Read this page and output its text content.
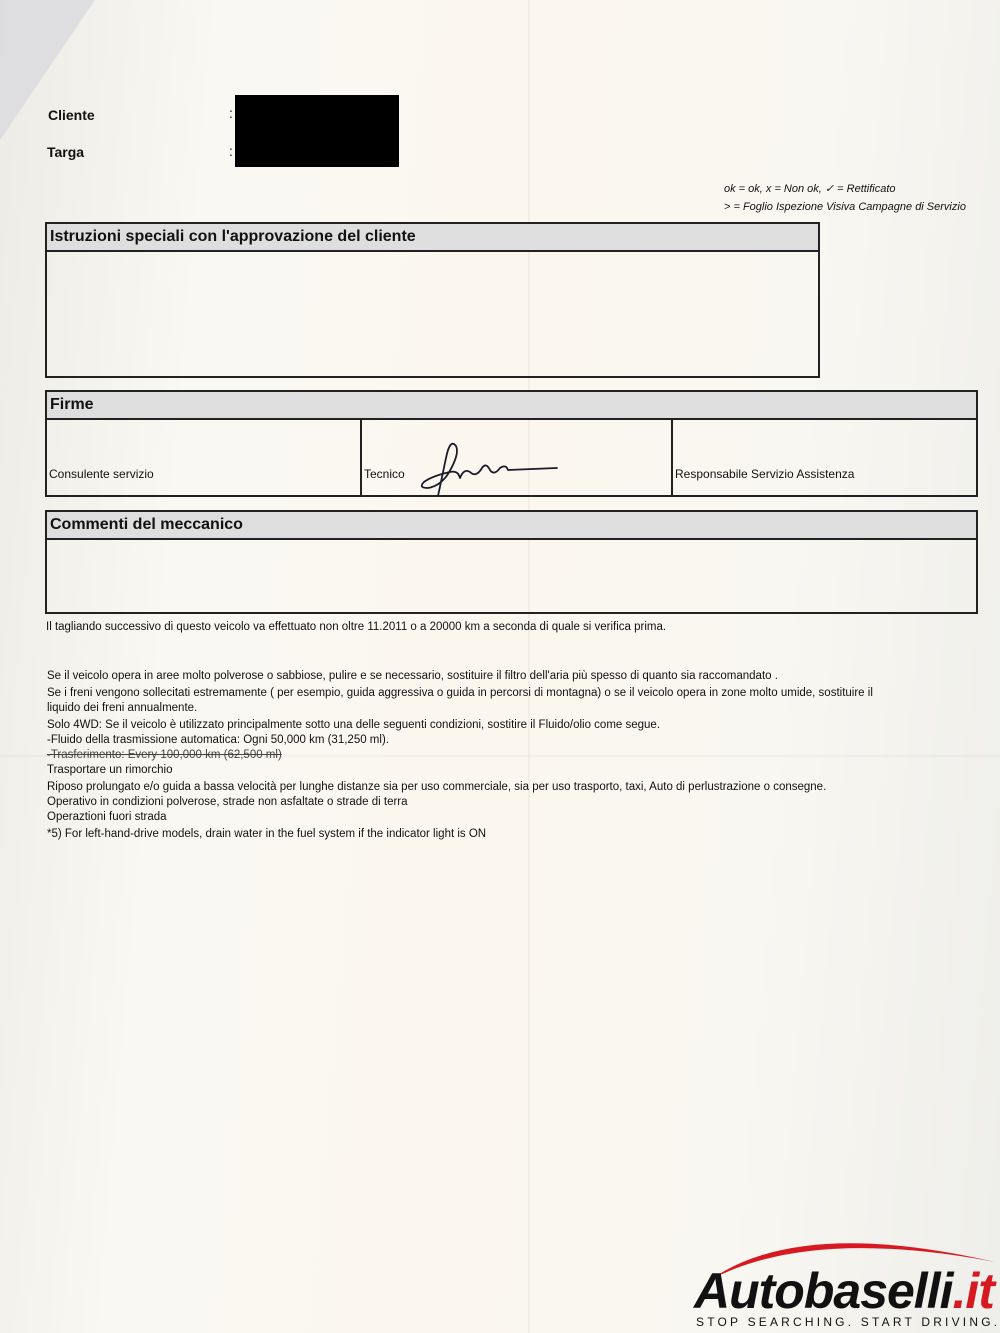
Cliente	:
Targa	:
ok = ok, x = Non ok, ✓ = Rettificato
> = Foglio Ispezione Visiva Campagne di Servizio
Istruzioni speciali con l'approvazione del cliente
Firme
Consulente servizio	Tecnico	Responsabile Servizio Assistenza
Commenti del meccanico
Il tagliando successivo di questo veicolo va effettuato non oltre 11.2011 o a 20000 km a seconda di quale si verifica prima.
Se il veicolo opera in aree molto polverose o sabbiose, pulire e se necessario, sostituire il filtro dell'aria più spesso di quanto sia raccomandato .
Se i freni vengono sollecitati estremamente ( per esempio, guida aggressiva o guida in percorsi di montagna) o se il veicolo opera in zone molto umide, sostituire il
liquido dei freni annualmente.
Solo 4WD: Se il veicolo è utilizzato principalmente sotto una delle seguenti condizioni, sostitire il Fluido/olio come segue.
-Fluido della trasmissione automatica: Ogni 50,000 km (31,250 ml).
-Trasferimento: Every 100,000 km (62,500 ml)
Trasportare un rimorchio
Riposo prolungato e/o guida a bassa velocità per lunghe distanze sia per uso commerciale, sia per uso trasporto, taxi, Auto di perlustrazione o consegne.
Operativo in condizioni polverose, strade non asfaltate o strade di terra
Operaztioni fuori strada
*5) For left-hand-drive models, drain water in the fuel system if the indicator light is ON
Autobaselli.it
STOP SEARCHING. START DRIVING.
